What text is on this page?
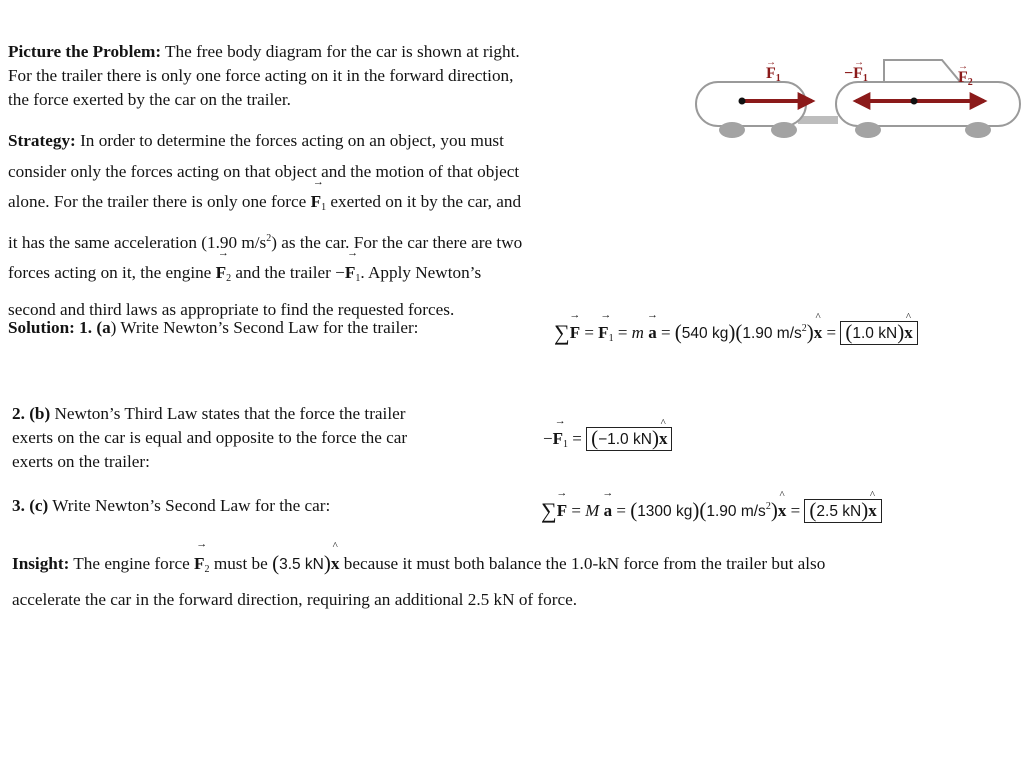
Picture the Problem: The free body diagram for the car is shown at right.
For the trailer there is only one force acting on it in the forward direction,
the force exerted by the car on the trailer.
Strategy: In order to determine the forces acting on an object, you must
consider only the forces acting on that object and the motion of that object
alone. For the trailer there is only one force → $F_1$ exerted on it by the car, and
it has the same acceleration (1.90 $m/s^2$) as the car. For the car there are two
forces acting on it, the engine → $F_2$ and the trailer −→ $F_1$. Apply Newton’s
second and third laws as appropriate to find the requested forces.
Solution: 1. (a) Write Newton’s Second Law for the trailer:	∑→ F = → $F_1 = m \to a = (540$ kg)(1.90 $m/s^2)\^{}$ x = (1.0 kN)^ x
2. (b) Newton’s Third Law states that the force the trailer
exerts on the car is equal and opposite to the force the car
exerts on the trailer:
−→ $F_1 = (-1.0$ kN)^ x
3. (c) Write Newton’s Second Law for the car:	∑→ F = M → a = (1300 kg)(1.90 $m/s^2)\^{}$ x = (2.5 kN)^ x
Insight: The engine force → $F_2$ must be (3.5 kN)^ x because it must both balance the 1.0-kN force from the trailer but also
accelerate the car in the forward direction, requiring an additional 2.5 kN of force.
F1
→
−F1
→
F2
→
